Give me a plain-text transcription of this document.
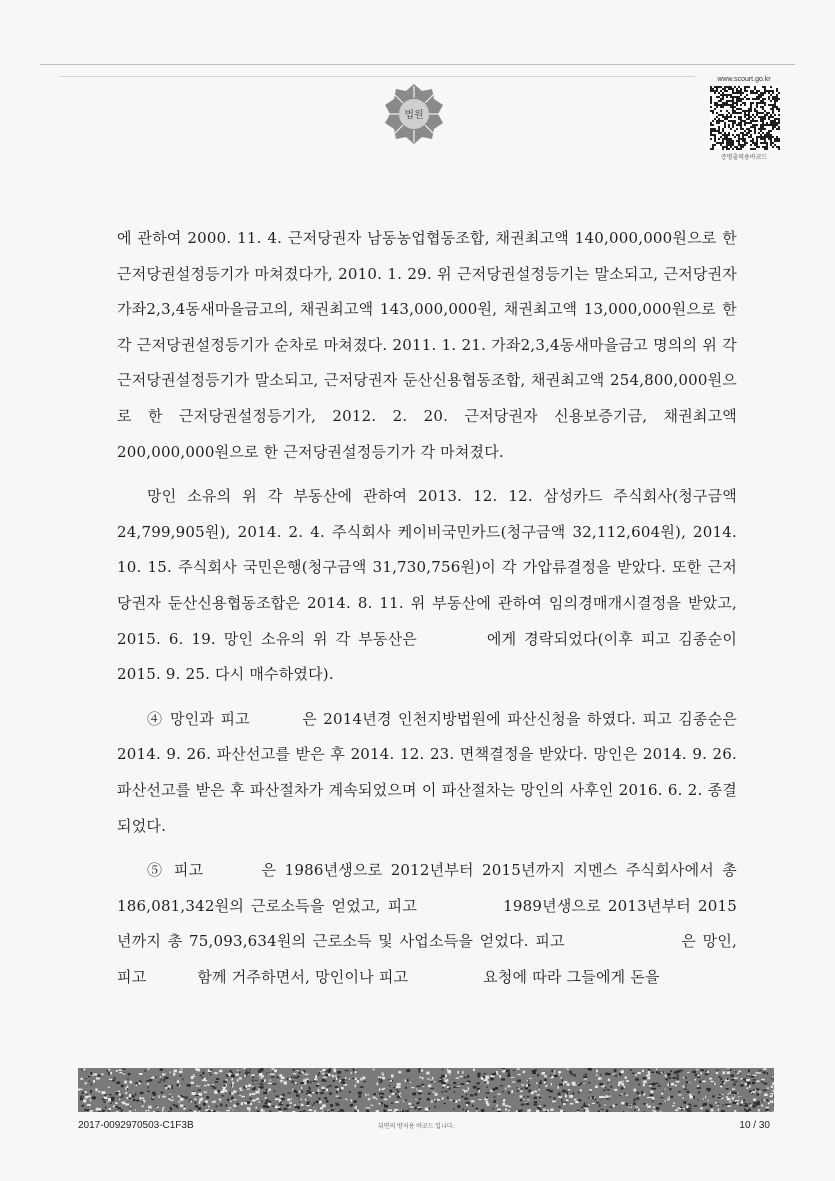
법원
www.scourt.go.kr
증명출력용바코드

에 관하여 2000. 11. 4. 근저당권자 남동농업협동조합, 채권최고액 140,000,000원으로 한 근저당권설정등기가 마쳐졌다가, 2010. 1. 29. 위 근저당권설정등기는 말소되고, 근저당권자 가좌2,3,4동새마을금고의, 채권최고액 143,000,000원, 채권최고액 13,000,000원으로 한 각 근저당권설정등기가 순차로 마쳐졌다. 2011. 1. 21. 가좌2,3,4동새마을금고 명의의 위 각 근저당권설정등기가 말소되고, 근저당권자 둔산신용협동조합, 채권최고액 254,800,000원으로 한 근저당권설정등기가, 2012. 2. 20. 근저당권자 신용보증기금, 채권최고액 200,000,000원으로 한 근저당권설정등기가 각 마쳐졌다.

망인 소유의 위 각 부동산에 관하여 2013. 12. 12. 삼성카드 주식회사(청구금액 24,799,905원), 2014. 2. 4. 주식회사 케이비국민카드(청구금액 32,112,604원), 2014. 10. 15. 주식회사 국민은행(청구금액 31,730,756원)이 각 가압류결정을 받았다. 또한 근저당권자 둔산신용협동조합은 2014. 8. 11. 위 부동산에 관하여 임의경매개시결정을 받았고, 2015. 6. 19. 망인 소유의 위 각 부동산은	에게 경락되었다(이후 피고 김종순이 2015. 9. 25. 다시 매수하였다).

④ 망인과 피고	은 2014년경 인천지방법원에 파산신청을 하였다. 피고 김종순은 2014. 9. 26. 파산선고를 받은 후 2014. 12. 23. 면책결정을 받았다. 망인은 2014. 9. 26. 파산선고를 받은 후 파산절차가 계속되었으며 이 파산절차는 망인의 사후인 2016. 6. 2. 종결되었다.

⑤ 피고	은 1986년생으로 2012년부터 2015년까지 지멘스 주식회사에서 총 186,081,342원의 근로소득을 얻었고, 피고	1989년생으로 2013년부터 2015년까지 총 75,093,634원의 근로소득 및 사업소득을 얻었다. 피고	은 망인, 피고	함께 거주하면서, 망인이나 피고	요청에 따라 그들에게 돈을

2017-0092970503-C1F3B	뒤면의 방지용 바코드 입니다.	10 / 30
